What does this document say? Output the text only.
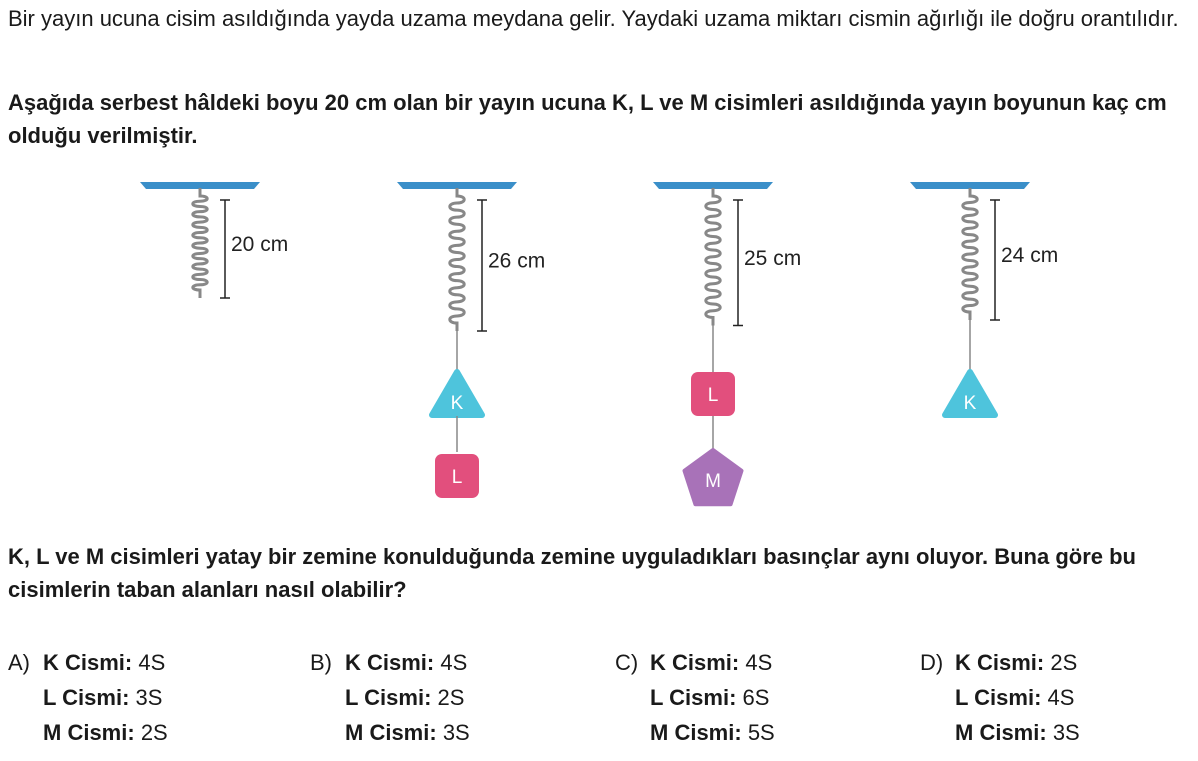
Bir yayın ucuna cisim asıldığında yayda uzama meydana gelir. Yaydaki uzama miktarı cismin ağırlığı ile doğru orantılıdır.

Aşağıda serbest hâldeki boyu 20 cm olan bir yayın ucuna K, L ve M cisimleri asıldığında yayın boyunun kaç cm olduğu verilmiştir.

20 cm
26 cm
K
L
25 cm
L
M
24 cm
K

K, L ve M cisimleri yatay bir zemine konulduğunda zemine uyguladıkları basınçlar aynı oluyor. Buna göre bu cisimlerin taban alanları nasıl olabilir?

A) K Cismi: 4S
L Cismi: 3S
M Cismi: 2S
B) K Cismi: 4S
L Cismi: 2S
M Cismi: 3S
C) K Cismi: 4S
L Cismi: 6S
M Cismi: 5S
D) K Cismi: 2S
L Cismi: 4S
M Cismi: 3S
